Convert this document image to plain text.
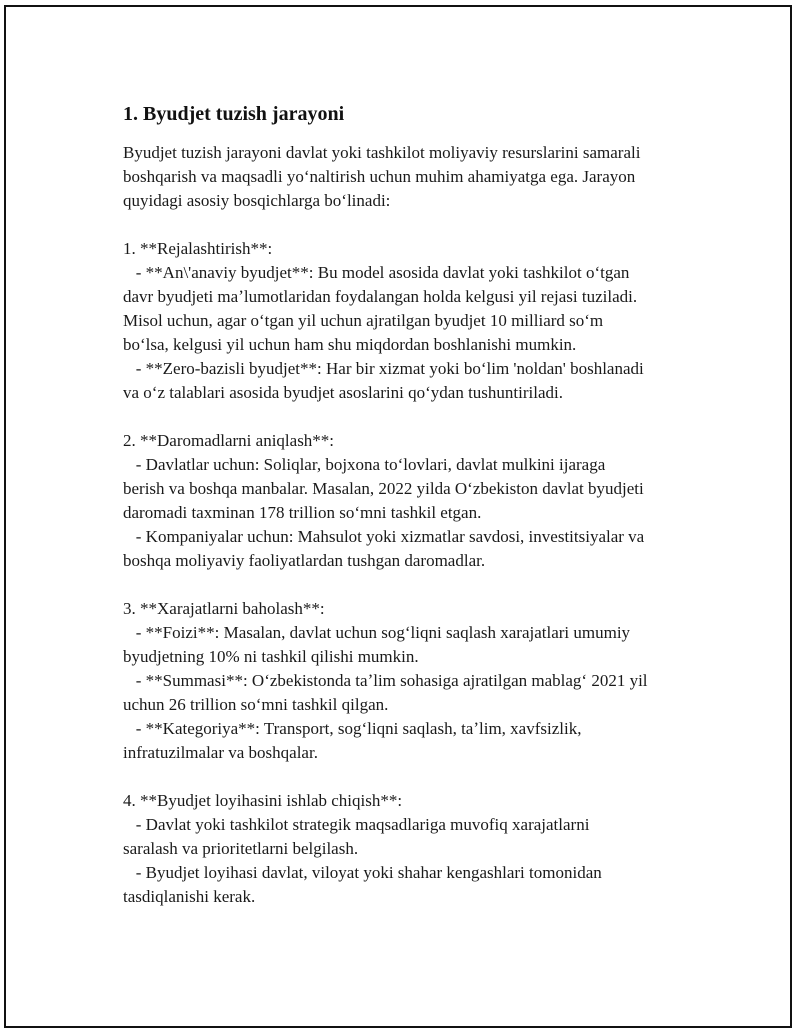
1. Byudjet tuzish jarayoni

Byudjet tuzish jarayoni davlat yoki tashkilot moliyaviy resurslarini samarali
boshqarish va maqsadli yoʻnaltirish uchun muhim ahamiyatga ega. Jarayon
quyidagi asosiy bosqichlarga boʻlinadi:

1. **Rejalashtirish**:
- **An\'anaviy byudjet**: Bu model asosida davlat yoki tashkilot oʻtgan
davr byudjeti maʼlumotlaridan foydalangan holda kelgusi yil rejasi tuziladi.
Misol uchun, agar oʻtgan yil uchun ajratilgan byudjet 10 milliard soʻm
boʻlsa, kelgusi yil uchun ham shu miqdordan boshlanishi mumkin.
- **Zero-bazisli byudjet**: Har bir xizmat yoki boʻlim 'noldan' boshlanadi
va oʻz talablari asosida byudjet asoslarini qoʻydan tushuntiriladi.
2. **Daromadlarni aniqlash**:
- Davlatlar uchun: Soliqlar, bojxona toʻlovlari, davlat mulkini ijaraga
berish va boshqa manbalar. Masalan, 2022 yilda Oʻzbekiston davlat byudjeti
daromadi taxminan 178 trillion soʻmni tashkil etgan.
- Kompaniyalar uchun: Mahsulot yoki xizmatlar savdosi, investitsiyalar va
boshqa moliyaviy faoliyatlardan tushgan daromadlar.
3. **Xarajatlarni baholash**:
- **Foizi**: Masalan, davlat uchun sogʻliqni saqlash xarajatlari umumiy
byudjetning 10% ni tashkil qilishi mumkin.
- **Summasi**: Oʻzbekistonda taʼlim sohasiga ajratilgan mablagʻ 2021 yil
uchun 26 trillion soʻmni tashkil qilgan.
- **Kategoriya**: Transport, sogʻliqni saqlash, taʼlim, xavfsizlik,
infratuzilmalar va boshqalar.
4. **Byudjet loyihasini ishlab chiqish**:
- Davlat yoki tashkilot strategik maqsadlariga muvofiq xarajatlarni
saralash va prioritetlarni belgilash.
- Byudjet loyihasi davlat, viloyat yoki shahar kengashlari tomonidan
tasdiqlanishi kerak.
